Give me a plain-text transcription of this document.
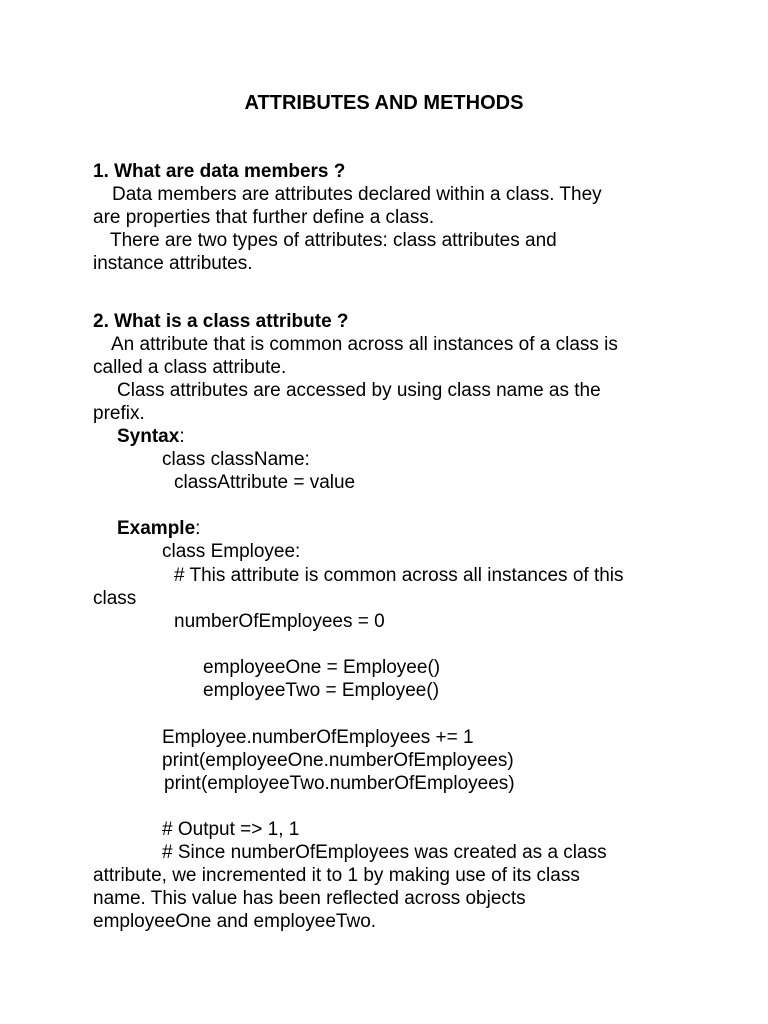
ATTRIBUTES AND METHODS
1. What are data members ?
Data members are attributes declared within a class. They
are properties that further define a class.
There are two types of attributes: class attributes and
instance attributes.
2. What is a class attribute ?
An attribute that is common across all instances of a class is
called a class attribute.
Class attributes are accessed by using class name as the
prefix.
Syntax:
class className:
classAttribute = value
Example:
class Employee:
# This attribute is common across all instances of this
class
numberOfEmployees = 0
employeeOne = Employee()
employeeTwo = Employee()
Employee.numberOfEmployees += 1
print(employeeOne.numberOfEmployees)
print(employeeTwo.numberOfEmployees)
# Output => 1, 1
# Since numberOfEmployees was created as a class
attribute, we incremented it to 1 by making use of its class
name. This value has been reflected across objects
employeeOne and employeeTwo.
